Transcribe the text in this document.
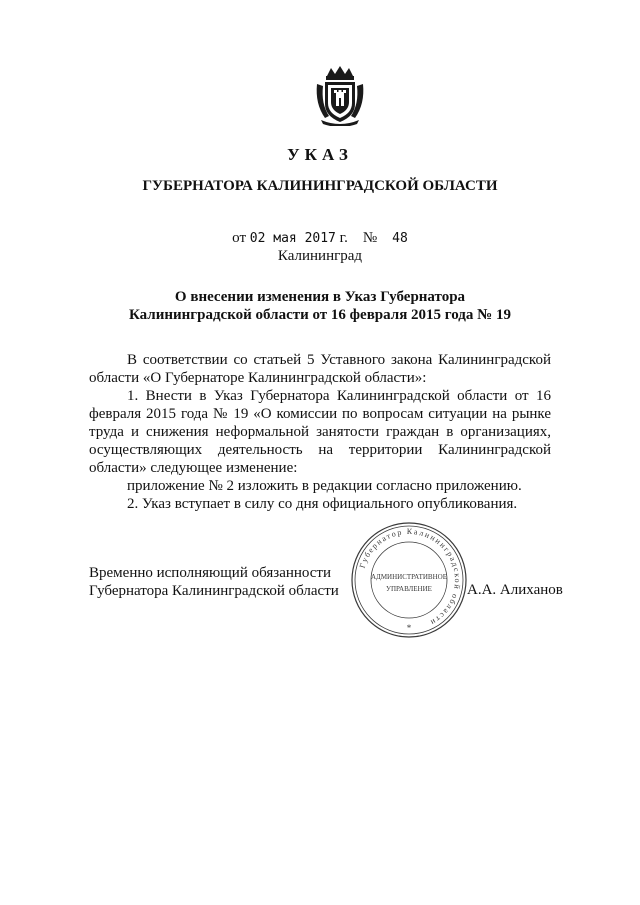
УКАЗ
ГУБЕРНАТОРА КАЛИНИНГРАДСКОЙ ОБЛАСТИ
от 02 мая 2017 г. № 48
Калининград
О внесении изменения в Указ Губернатора
Калининградской области от 16 февраля 2015 года № 19

В соответствии со статьей 5 Уставного закона Калининградской области «О Губернаторе Калининградской области»:

1. Внести в Указ Губернатора Калининградской области от 16 февраля 2015 года № 19 «О комиссии по вопросам ситуации на рынке труда и снижения неформальной занятости граждан в организациях, осуществляющих деятельность на территории Калининградской области» следующее изменение:

приложение № 2 изложить в редакции согласно приложению.

2. Указ вступает в силу со дня официального опубликования.

Временно исполняющий обязанности
Губернатора Калининградской области
Губернатор Калининградской области
АДМИНИСТРАТИВНОЕ
УПРАВЛЕНИЕ
*
А.А. Алиханов
